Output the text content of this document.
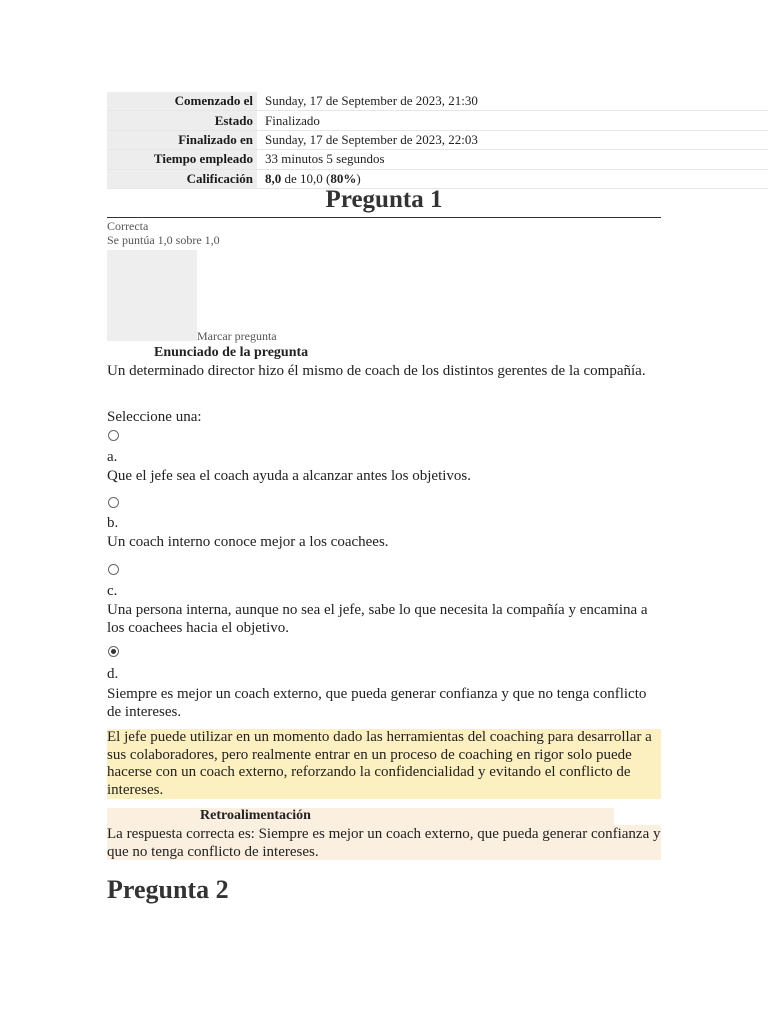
Comenzado el	Sunday, 17 de September de 2023, 21:30
Estado	Finalizado
Finalizado en	Sunday, 17 de September de 2023, 22:03
Tiempo empleado	33 minutos 5 segundos
Calificación	8,0 de 10,0 (80%)
Pregunta 1
Correcta
Se puntúa 1,0 sobre 1,0
Marcar pregunta
Enunciado de la pregunta
Un determinado director hizo él mismo de coach de los distintos gerentes de la compañía.
Seleccione una:
a.
Que el jefe sea el coach ayuda a alcanzar antes los objetivos.
b.
Un coach interno conoce mejor a los coachees.
c.
Una persona interna, aunque no sea el jefe, sabe lo que necesita la compañía y encamina a los coachees hacia el objetivo.
d.
Siempre es mejor un coach externo, que pueda generar confianza y que no tenga conflicto de intereses.
El jefe puede utilizar en un momento dado las herramientas del coaching para desarrollar a sus colaboradores, pero realmente entrar en un proceso de coaching en rigor solo puede hacerse con un coach externo, reforzando la confidencialidad y evitando el conflicto de intereses.
Retroalimentación
La respuesta correcta es: Siempre es mejor un coach externo, que pueda generar confianza y que no tenga conflicto de intereses.
Pregunta 2
